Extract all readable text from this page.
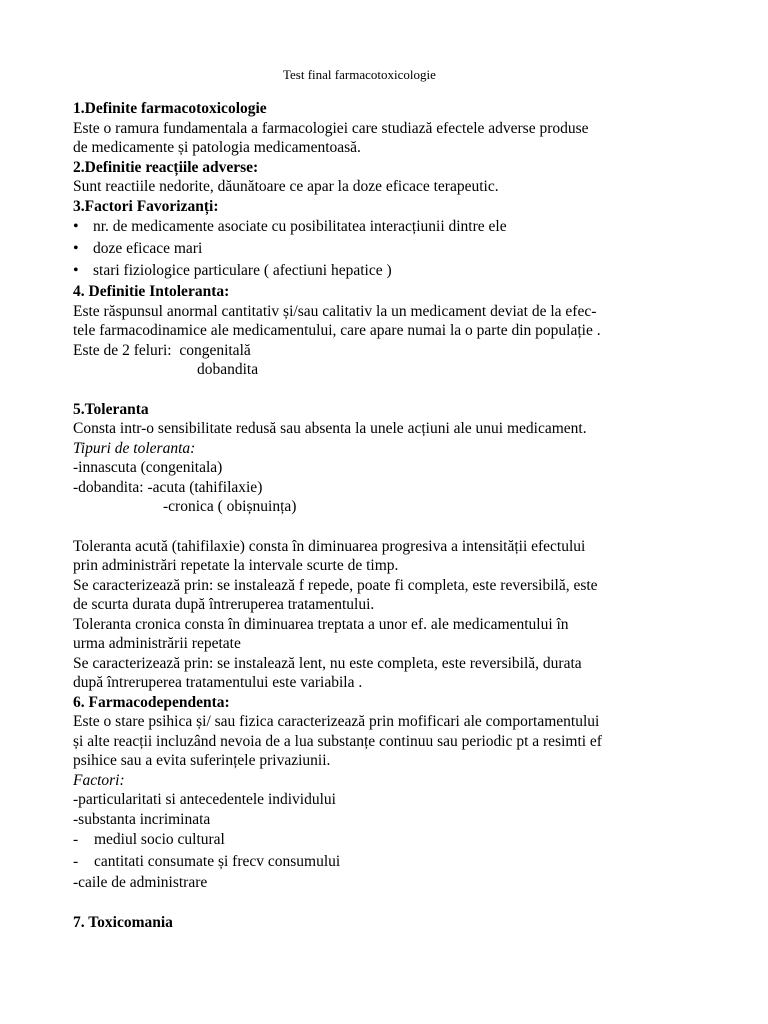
Test final farmacotoxicologie
1.Definite farmacotoxicologie
Este o ramura fundamentala a farmacologiei care studiază efectele adverse produse
de medicamente și patologia medicamentoasă.
2.Definitie reacțiile adverse:
Sunt reactiile nedorite, dăunătoare ce apar la doze eficace terapeutic.
3.Factori Favorizanți:
• nr. de medicamente asociate cu posibilitatea interacțiunii dintre ele
• doze eficace mari
• stari fiziologice particulare ( afectiuni hepatice )
4. Definitie Intoleranta:
Este răspunsul anormal cantitativ și/sau calitativ la un medicament deviat de la efec-
tele farmacodinamice ale medicamentului, care apare numai la o parte din populație .
Este de 2 feluri:  congenitală
dobandita
5.Toleranta
Consta intr-o sensibilitate redusă sau absenta la unele acțiuni ale unui medicament.
Tipuri de toleranta:
-innascuta (congenitala)
-dobandita: -acuta (tahifilaxie)
-cronica ( obișnuința)
Toleranta acută (tahifilaxie) consta în diminuarea progresiva a intensității efectului
prin administrări repetate la intervale scurte de timp.
Se caracterizează prin: se instalează f repede, poate fi completa, este reversibilă, este
de scurta durata după întreruperea tratamentului.
Toleranta cronica consta în diminuarea treptata a unor ef. ale medicamentului în
urma administrării repetate
Se caracterizează prin: se instalează lent, nu este completa, este reversibilă, durata
după întreruperea tratamentului este variabila .
6. Farmacodependenta:
Este o stare psihica și/ sau fizica caracterizează prin mofificari ale comportamentului
și alte reacții incluzând nevoia de a lua substanțe continuu sau periodic pt a resimti ef
psihice sau a evita suferințele privaziunii.
Factori:
-particularitati si antecedentele individului
-substanta incriminata
- mediul socio cultural
- cantitati consumate și frecv consumului
-caile de administrare
7. Toxicomania
